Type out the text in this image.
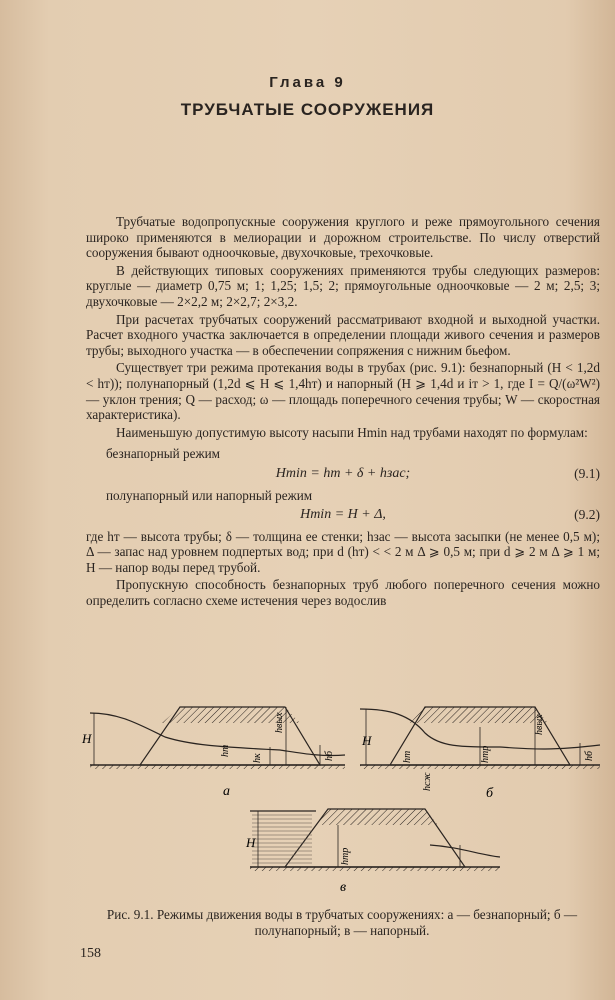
Глава 9
ТРУБЧАТЫЕ СООРУЖЕНИЯ

Трубчатые водопропускные сооружения круглого и реже прямоугольного сечения широко применяются в мелиорации и дорожном строительстве. По числу отверстий сооружения бывают одноочковые, двухочковые, трехочковые.

В действующих типовых сооружениях применяются трубы следующих размеров: круглые — диаметр 0,75 м; 1; 1,25; 1,5; 2; прямоугольные одноочковые — 2 м; 2,5; 3; двухочковые — 2×2,2 м; 2×2,7; 2×3,2.

При расчетах трубчатых сооружений рассматривают входной и выходной участки. Расчет входного участка заключается в определении площади живого сечения и размеров трубы; выходного участка — в обеспечении сопряжения с нижним бьефом.

Существует три режима протекания воды в трубах (рис. 9.1): безнапорный (H < 1,2d < hт)); полунапорный (1,2d ⩽ H ⩽ 1,4hт) и напорный (H ⩾ 1,4d и iт > 1, где I = Q/(ω²W²) — уклон трения; Q — расход; ω — площадь поперечного сечения трубы; W — скоростная характеристика).

Наименьшую допустимую высоту насыпи Hmin над трубами находят по формулам:

безнапорный режим

Hmin = hт + δ + hзас;	(9.1)

полунапорный или напорный режим

Hmin = H + Δ,	(9.2)

где hт — высота трубы; δ — толщина ее стенки; hзас — высота засыпки (не менее 0,5 м); Δ — запас над уровнем подпертых вод; при d (hт) < < 2 м Δ ⩾ 0,5 м; при d ⩾ 2 м Δ ⩾ 1 м; H — напор воды перед трубой.

Пропускную способность безнапорных труб любого поперечного сечения можно определить согласно схеме истечения через водослив

H
hт
hк
hвых
hб
а
H
hт	hтр
hвых
hб
hсж
б
H
hтр
в
Рис. 9.1. Режимы движения воды в трубчатых сооружениях: а — безнапорный; б — полунапорный; в — напорный.
158
